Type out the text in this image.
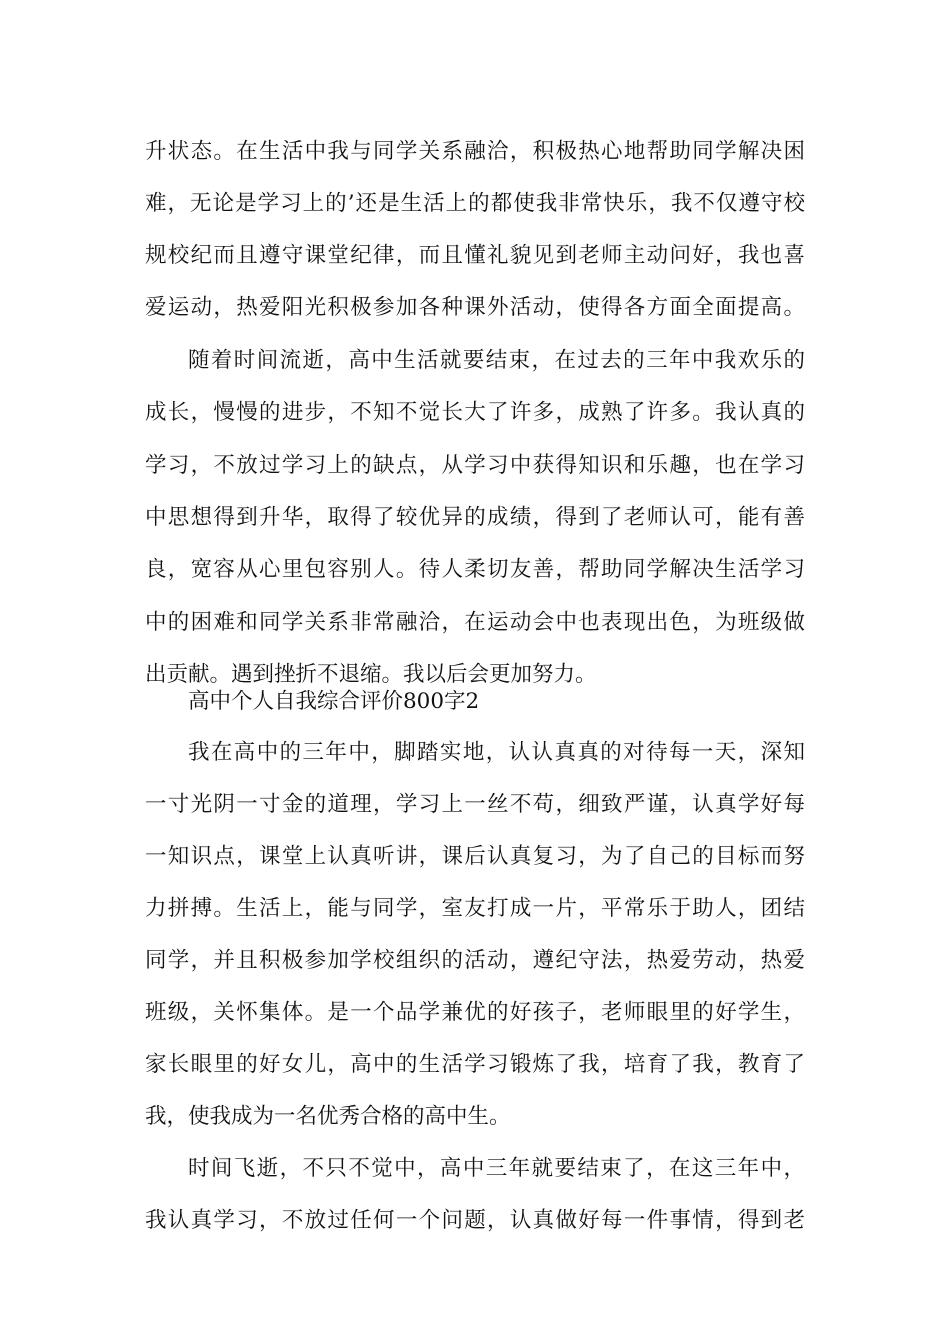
升状态。在生活中我与同学关系融洽，积极热心地帮助同学解决困
难，无论是学习上的’还是生活上的都使我非常快乐，我不仅遵守校
规校纪而且遵守课堂纪律，而且懂礼貌见到老师主动问好，我也喜
爱运动，热爱阳光积极参加各种课外活动，使得各方面全面提高。
随着时间流逝，高中生活就要结束，在过去的三年中我欢乐的
成长，慢慢的进步，不知不觉长大了许多，成熟了许多。我认真的
学习，不放过学习上的缺点，从学习中获得知识和乐趣，也在学习
中思想得到升华，取得了较优异的成绩，得到了老师认可，能有善
良，宽容从心里包容别人。待人柔切友善，帮助同学解决生活学习
中的困难和同学关系非常融洽，在运动会中也表现出色，为班级做
出贡献。遇到挫折不退缩。我以后会更加努力。
高中个人自我综合评价800字2
我在高中的三年中，脚踏实地，认认真真的对待每一天，深知
一寸光阴一寸金的道理，学习上一丝不苟，细致严谨，认真学好每
一知识点，课堂上认真听讲，课后认真复习，为了自己的目标而努
力拼搏。生活上，能与同学，室友打成一片，平常乐于助人，团结
同学，并且积极参加学校组织的活动，遵纪守法，热爱劳动，热爱
班级，关怀集体。是一个品学兼优的好孩子，老师眼里的好学生，
家长眼里的好女儿，高中的生活学习锻炼了我，培育了我，教育了
我，使我成为一名优秀合格的高中生。
时间飞逝，不只不觉中，高中三年就要结束了，在这三年中，
我认真学习，不放过任何一个问题，认真做好每一件事情，得到老
